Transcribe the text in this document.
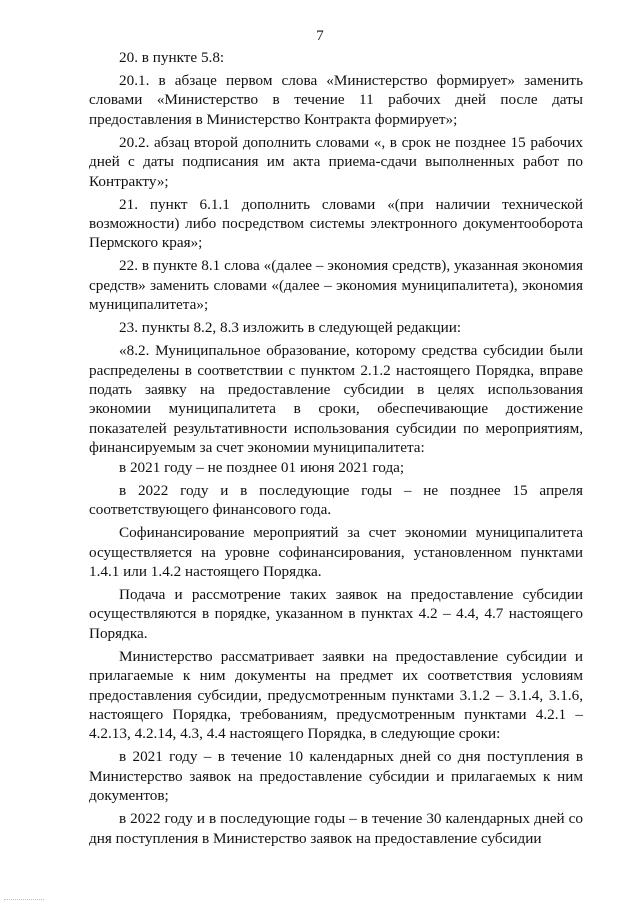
7

20. в пункте 5.8:

20.1. в абзаце первом слова «Министерство формирует» заменить словами «Министерство в течение 11 рабочих дней после даты предоставления в Министерство Контракта формирует»;

20.2. абзац второй дополнить словами «, в срок не позднее 15 рабочих дней с даты подписания им акта приема-сдачи выполненных работ по Контракту»;

21. пункт 6.1.1 дополнить словами «(при наличии технической возможности) либо посредством системы электронного документооборота Пермского края»;

22. в пункте 8.1 слова «(далее – экономия средств), указанная экономия средств» заменить словами «(далее – экономия муниципалитета), экономия муниципалитета»;

23. пункты 8.2, 8.3 изложить в следующей редакции:

«8.2. Муниципальное образование, которому средства субсидии были распределены в соответствии с пунктом 2.1.2 настоящего Порядка, вправе подать заявку на предоставление субсидии в целях использования экономии муниципалитета в сроки, обеспечивающие достижение показателей результативности использования субсидии по мероприятиям, финансируемым за счет экономии муниципалитета:

в 2021 году – не позднее 01 июня 2021 года;

в 2022 году и в последующие годы – не позднее 15 апреля соответствующего финансового года.

Софинансирование мероприятий за счет экономии муниципалитета осуществляется на уровне софинансирования, установленном пунктами 1.4.1 или 1.4.2 настоящего Порядка.

Подача и рассмотрение таких заявок на предоставление субсидии осуществляются в порядке, указанном в пунктах 4.2 – 4.4, 4.7 настоящего Порядка.

Министерство рассматривает заявки на предоставление субсидии и прилагаемые к ним документы на предмет их соответствия условиям предоставления субсидии, предусмотренным пунктами 3.1.2 – 3.1.4, 3.1.6, настоящего Порядка, требованиям, предусмотренным пунктами 4.2.1 – 4.2.13, 4.2.14, 4.3, 4.4 настоящего Порядка, в следующие сроки:

в 2021 году – в течение 10 календарных дней со дня поступления в Министерство заявок на предоставление субсидии и прилагаемых к ним документов;

в 2022 году и в последующие годы – в течение 30 календарных дней со дня поступления в Министерство заявок на предоставление субсидии
